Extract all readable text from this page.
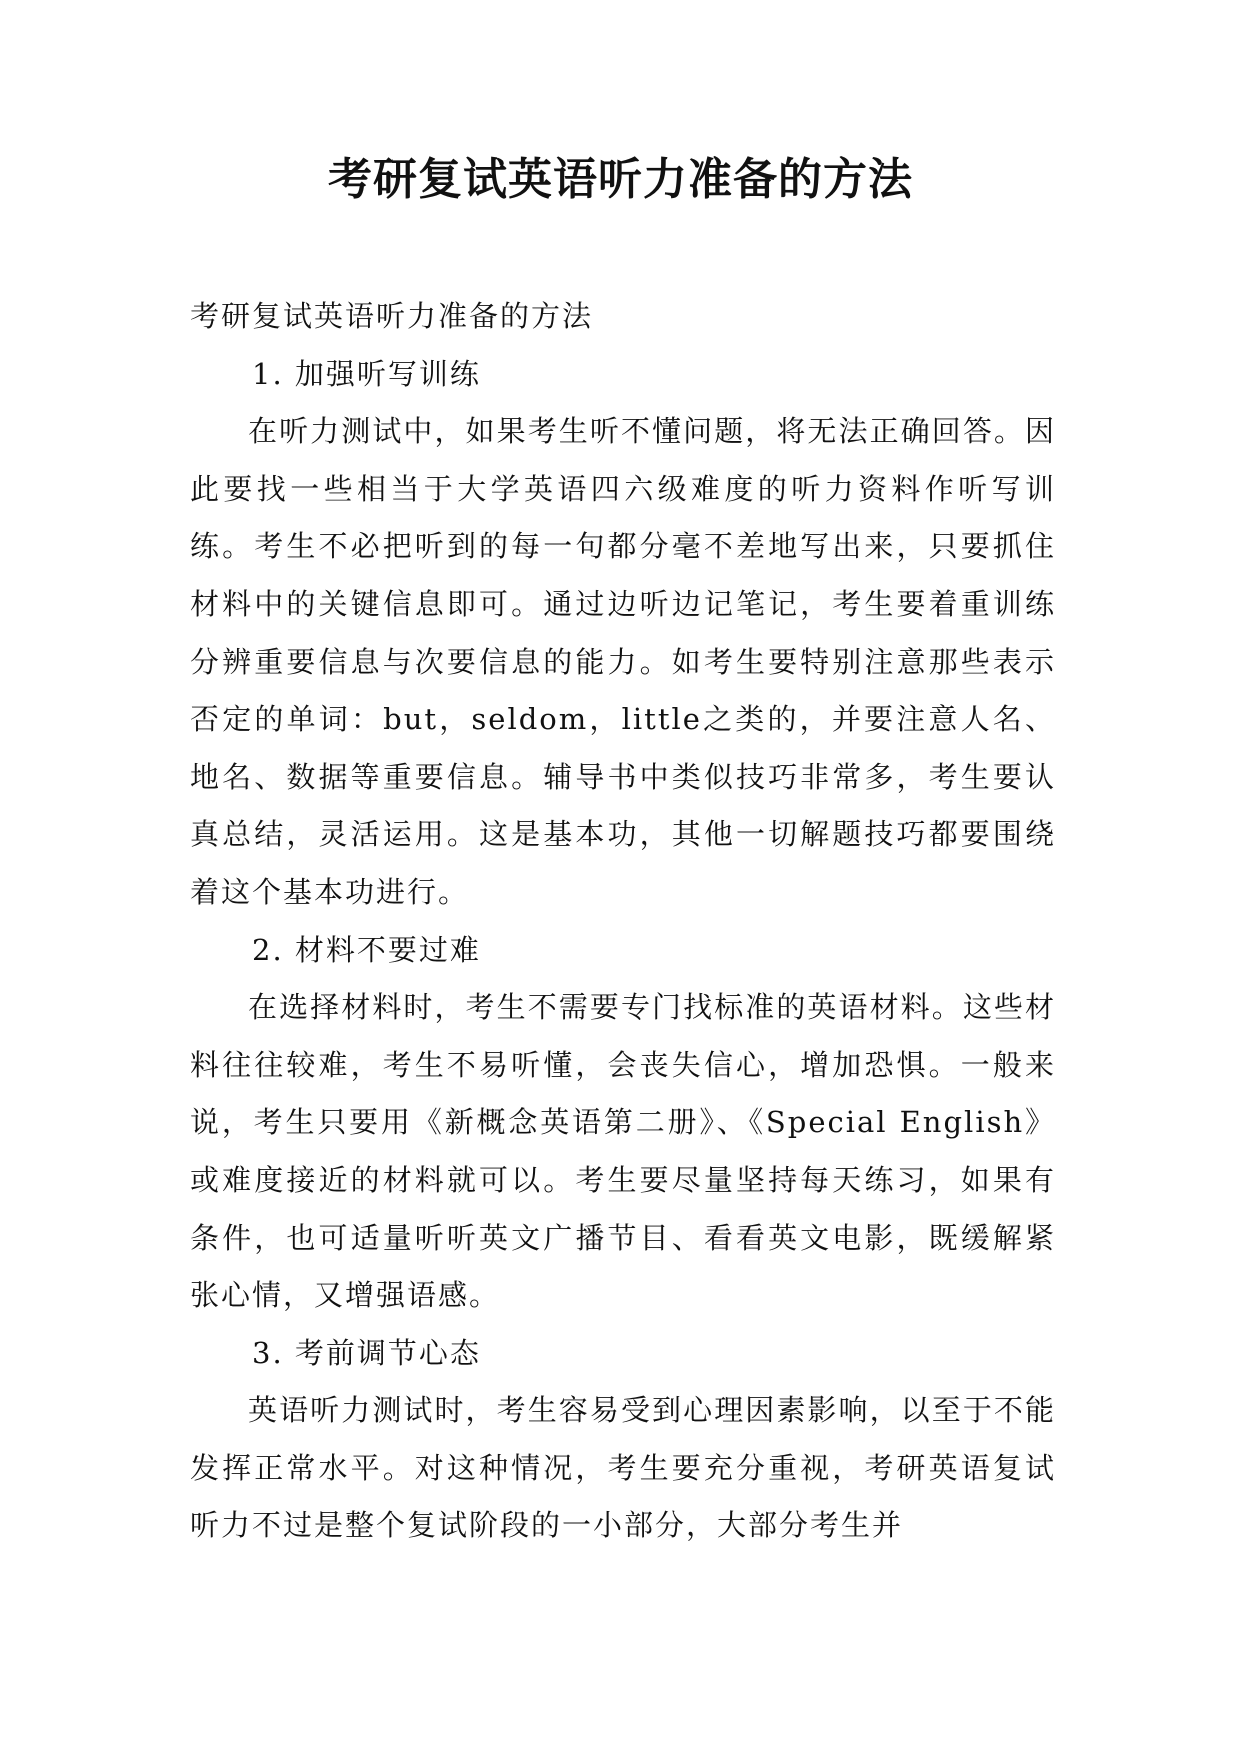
考研复试英语听力准备的方法

考研复试英语听力准备的方法

1. 加强听写训练

在听力测试中，如果考生听不懂问题，将无法正确回答。因此要找一些相当于大学英语四六级难度的听力资料作听写训练。考生不必把听到的每一句都分毫不差地写出来，只要抓住材料中的关键信息即可。通过边听边记笔记，考生要着重训练分辨重要信息与次要信息的能力。如考生要特别注意那些表示否定的单词：but，seldom，little之类的，并要注意人名、地名、数据等重要信息。辅导书中类似技巧非常多，考生要认真总结，灵活运用。这是基本功，其他一切解题技巧都要围绕着这个基本功进行。

2. 材料不要过难

在选择材料时，考生不需要专门找标准的英语材料。这些材料往往较难，考生不易听懂，会丧失信心，增加恐惧。一般来说，考生只要用《新概念英语第二册》、《Special English》或难度接近的材料就可以。考生要尽量坚持每天练习，如果有条件，也可适量听听英文广播节目、看看英文电影，既缓解紧张心情，又增强语感。

3. 考前调节心态

英语听力测试时，考生容易受到心理因素影响，以至于不能发挥正常水平。对这种情况，考生要充分重视，考研英语复试听力不过是整个复试阶段的一小部分，大部分考生并
